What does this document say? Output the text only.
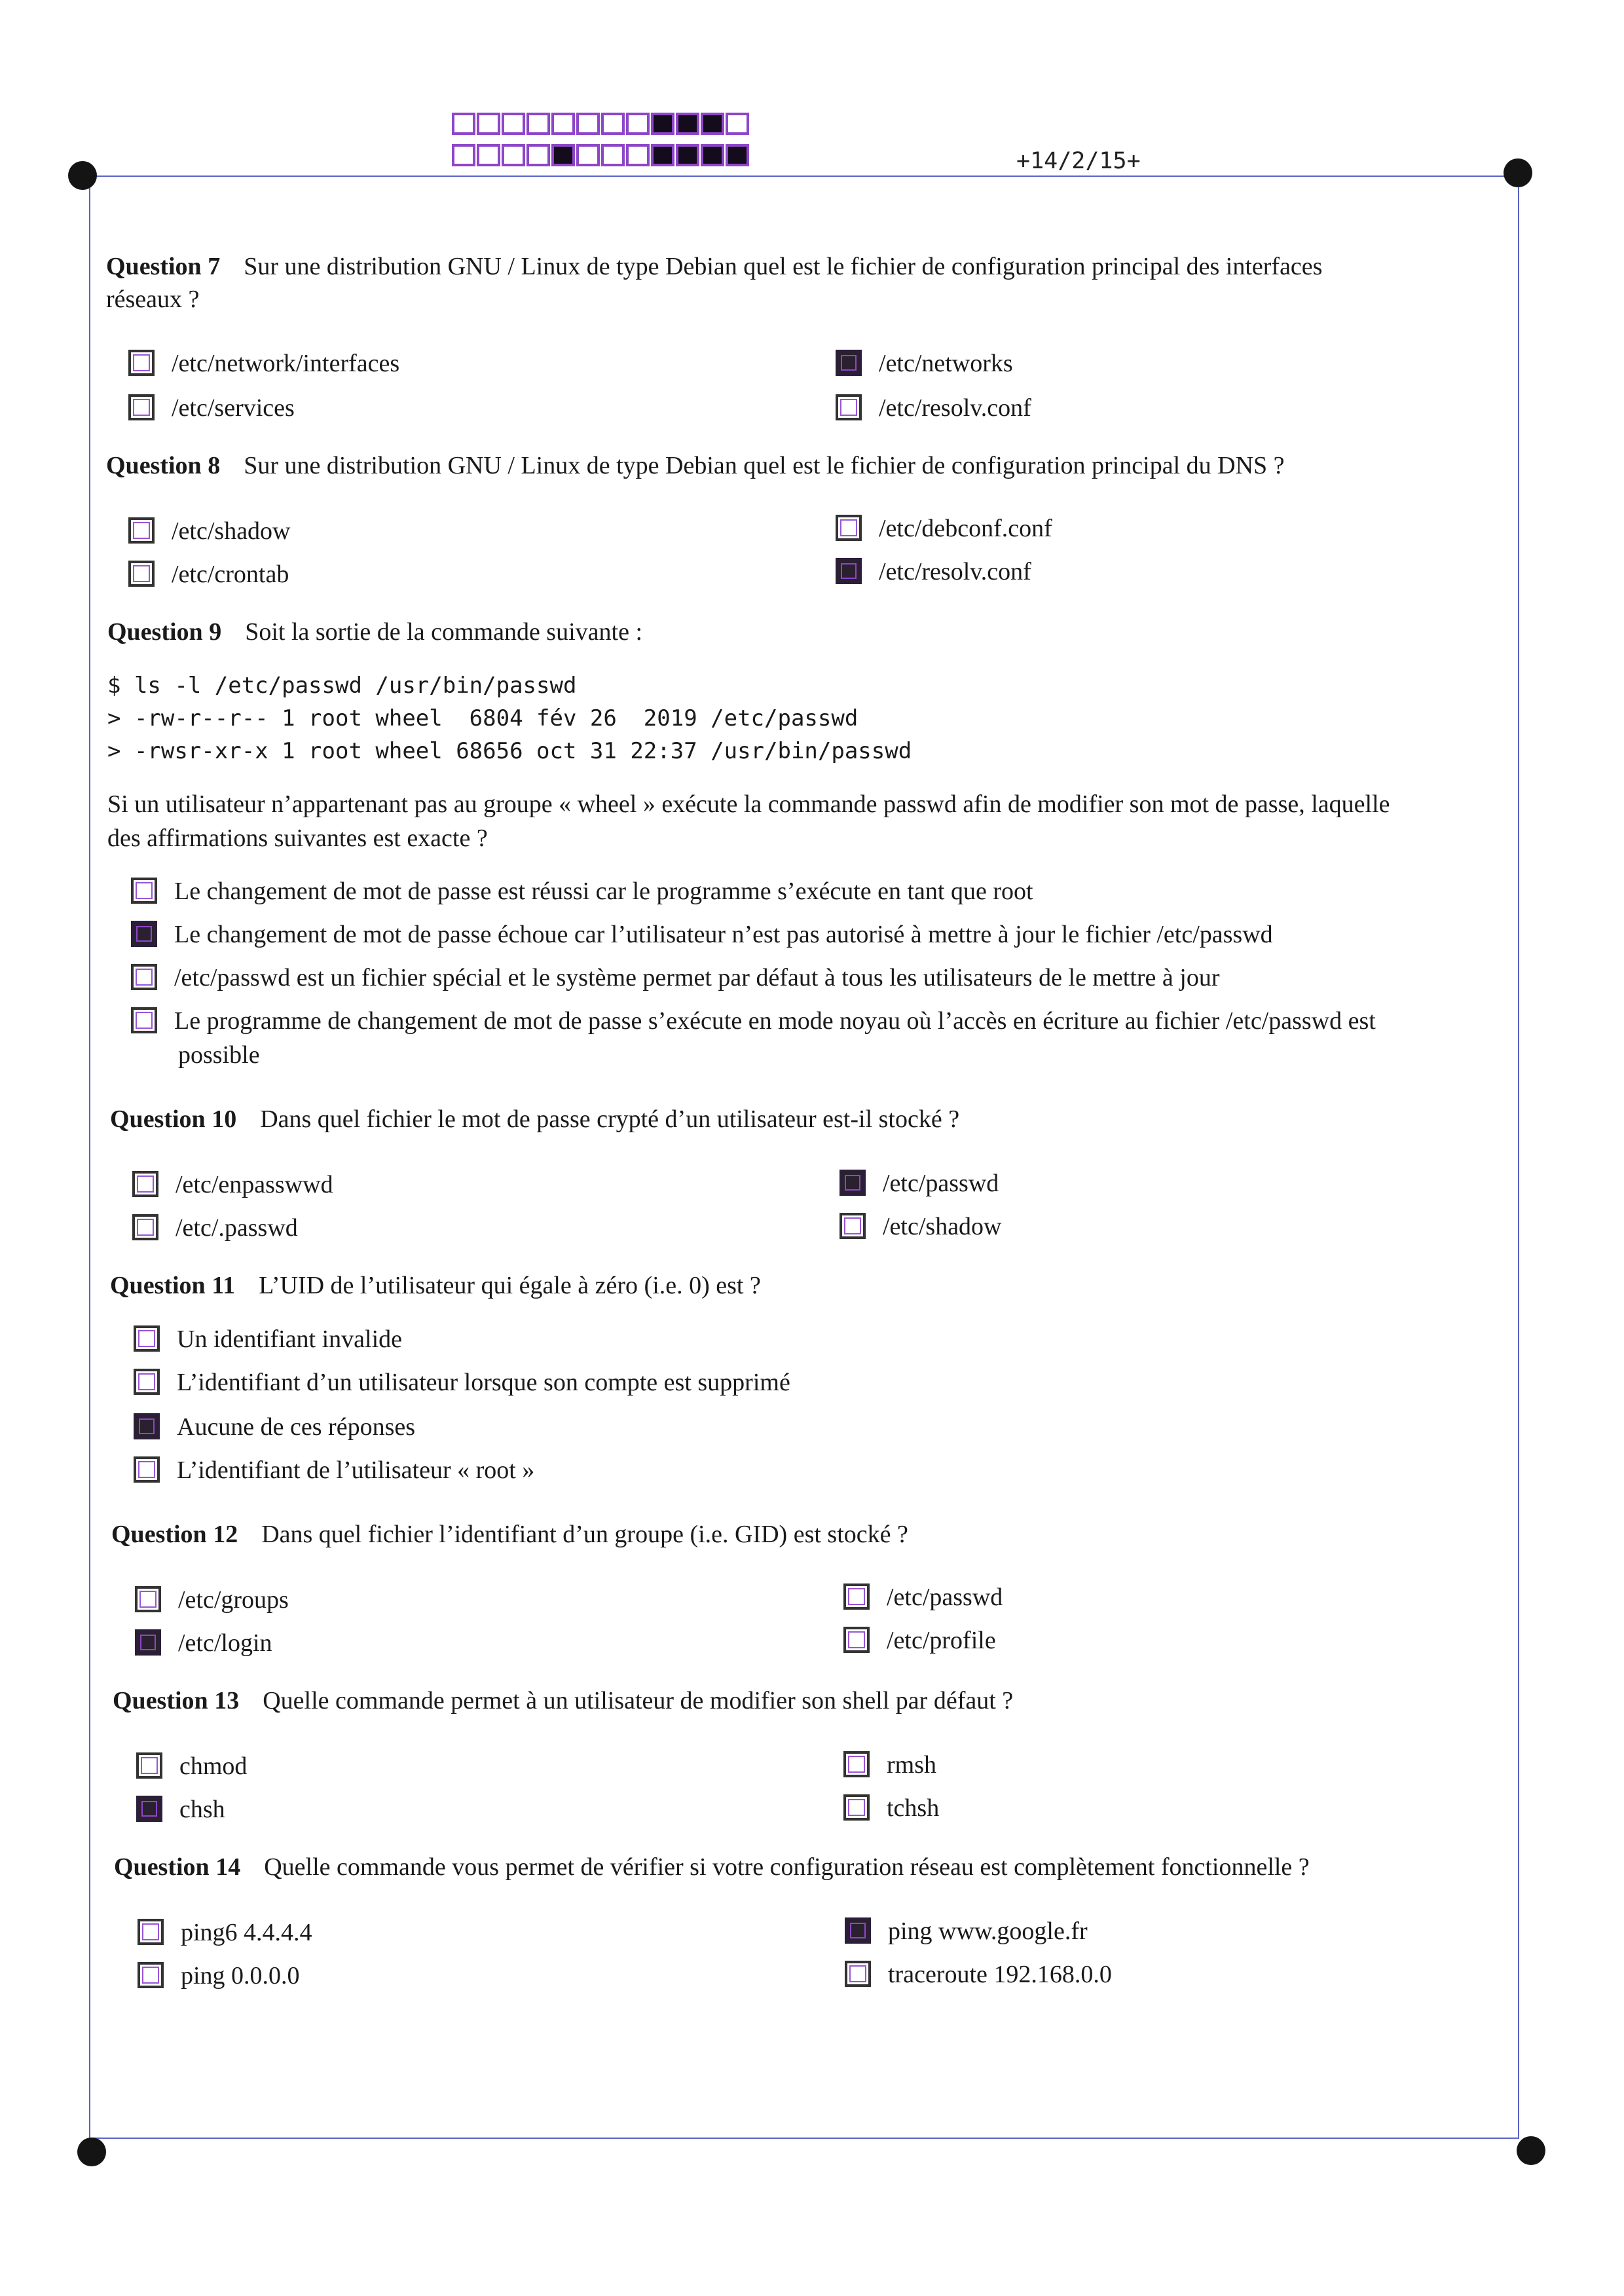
+14/2/15+
Question 7 Sur une distribution GNU / Linux de type Debian quel est le fichier de configuration principal des interfaces
réseaux ?
/etc/network/interfaces
/etc/services
/etc/networks
/etc/resolv.conf
Question 8 Sur une distribution GNU / Linux de type Debian quel est le fichier de configuration principal du DNS ?
/etc/shadow
/etc/crontab
/etc/debconf.conf
/etc/resolv.conf
Question 9 Soit la sortie de la commande suivante :
$ ls -l /etc/passwd /usr/bin/passwd
> -rw-r--r-- 1 root wheel  6804 fév 26  2019 /etc/passwd
> -rwsr-xr-x 1 root wheel 68656 oct 31 22:37 /usr/bin/passwd
Si un utilisateur n’appartenant pas au groupe « wheel » exécute la commande passwd afin de modifier son mot de passe, laquelle
des affirmations suivantes est exacte ?
Le changement de mot de passe est réussi car le programme s’exécute en tant que root
Le changement de mot de passe échoue car l’utilisateur n’est pas autorisé à mettre à jour le fichier /etc/passwd
/etc/passwd est un fichier spécial et le système permet par défaut à tous les utilisateurs de le mettre à jour
Le programme de changement de mot de passe s’exécute en mode noyau où l’accès en écriture au fichier /etc/passwd est
possible
Question 10 Dans quel fichier le mot de passe crypté d’un utilisateur est-il stocké ?
/etc/enpasswwd
/etc/.passwd
/etc/passwd
/etc/shadow
Question 11 L’UID de l’utilisateur qui égale à zéro (i.e. 0) est ?
Un identifiant invalide
L’identifiant d’un utilisateur lorsque son compte est supprimé
Aucune de ces réponses
L’identifiant de l’utilisateur « root »
Question 12 Dans quel fichier l’identifiant d’un groupe (i.e. GID) est stocké ?
/etc/groups
/etc/login
/etc/passwd
/etc/profile
Question 13 Quelle commande permet à un utilisateur de modifier son shell par défaut ?
chmod
chsh
rmsh
tchsh
Question 14 Quelle commande vous permet de vérifier si votre configuration réseau est complètement fonctionnelle ?
ping6 4.4.4.4
ping 0.0.0.0
ping www.google.fr
traceroute 192.168.0.0
